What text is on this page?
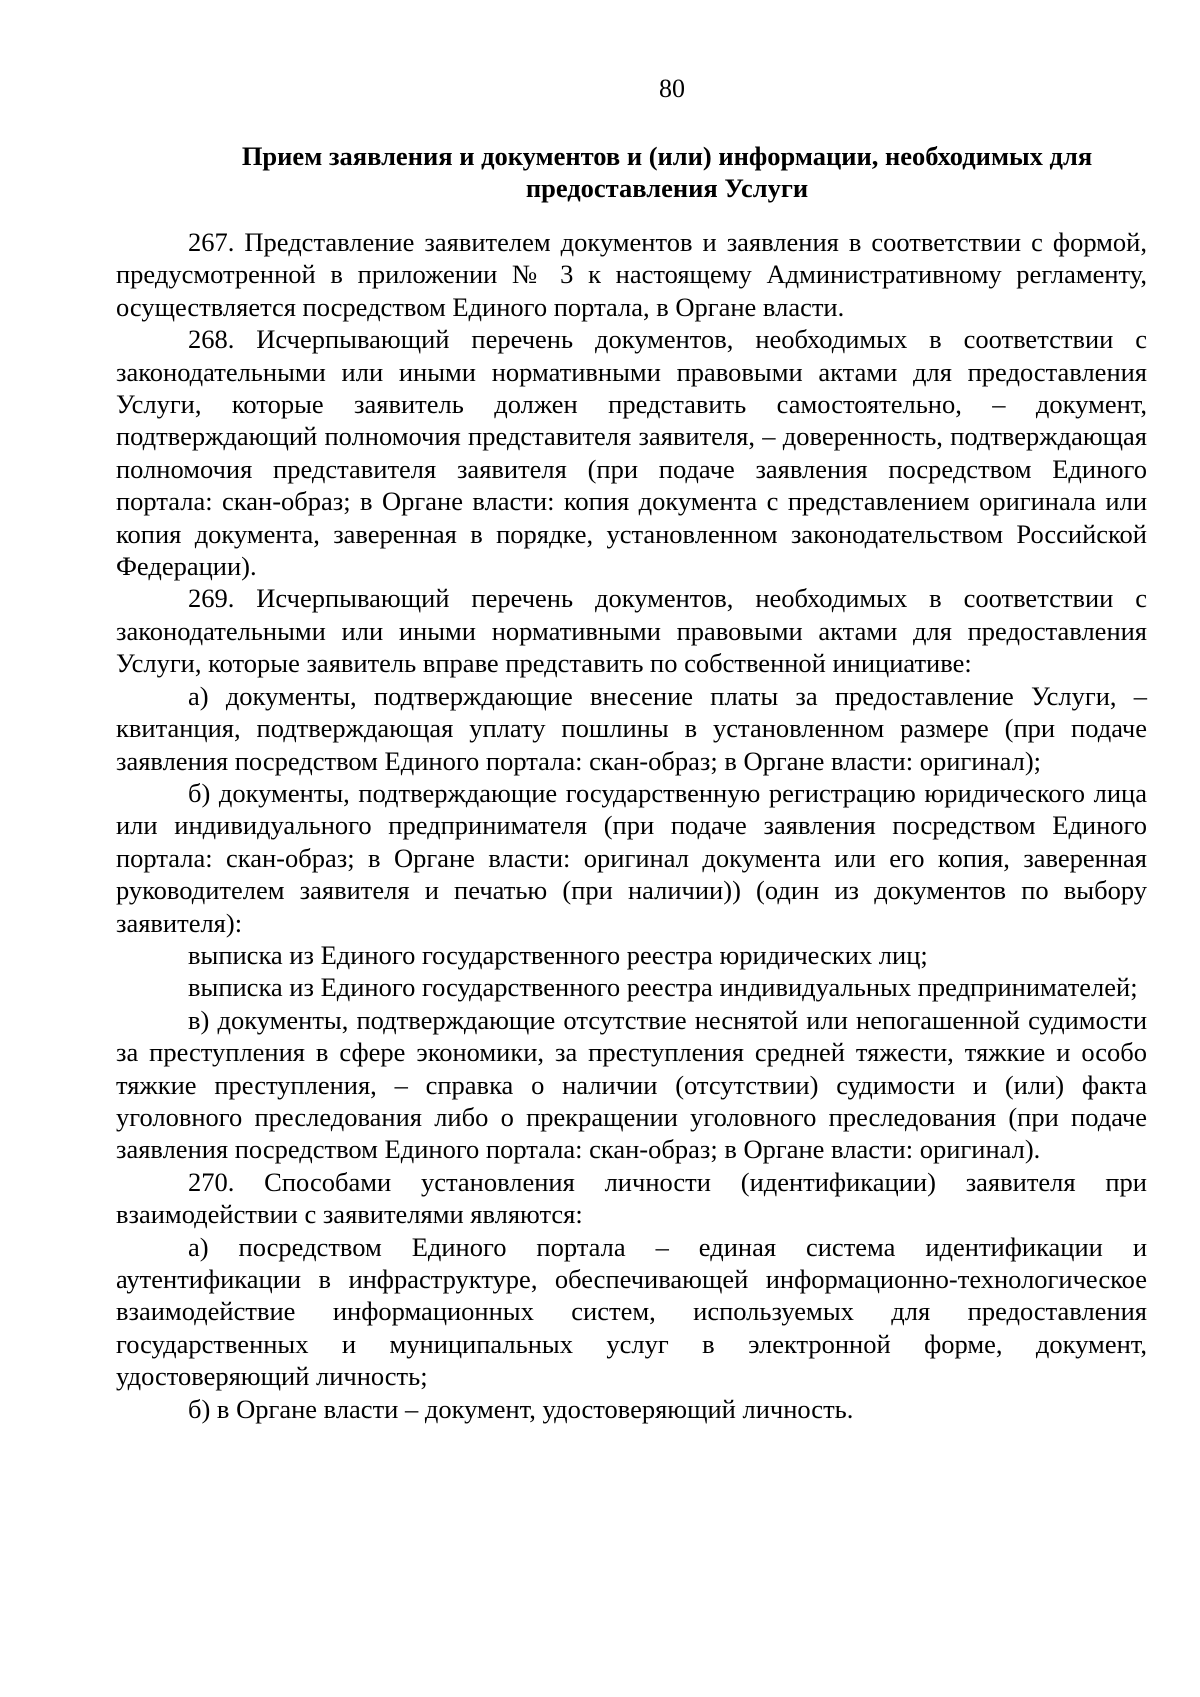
80
Прием заявления и документов и (или) информации, необходимых для предоставления Услуги

267. Представление заявителем документов и заявления в соответствии с формой, предусмотренной в приложении № 3 к настоящему Административному регламенту, осуществляется посредством Единого портала, в Органе власти.

268. Исчерпывающий перечень документов, необходимых в соответствии с законодательными или иными нормативными правовыми актами для предоставления Услуги, которые заявитель должен представить самостоятельно, – документ, подтверждающий полномочия представителя заявителя, – доверенность, подтверждающая полномочия представителя заявителя (при подаче заявления посредством Единого портала: скан-образ; в Органе власти: копия документа с представлением оригинала или копия документа, заверенная в порядке, установленном законодательством Российской Федерации).

269. Исчерпывающий перечень документов, необходимых в соответствии с законодательными или иными нормативными правовыми актами для предоставления Услуги, которые заявитель вправе представить по собственной инициативе:

а) документы, подтверждающие внесение платы за предоставление Услуги, – квитанция, подтверждающая уплату пошлины в установленном размере (при подаче заявления посредством Единого портала: скан-образ; в Органе власти: оригинал);

б) документы, подтверждающие государственную регистрацию юридического лица или индивидуального предпринимателя (при подаче заявления посредством Единого портала: скан-образ; в Органе власти: оригинал документа или его копия, заверенная руководителем заявителя и печатью (при наличии)) (один из документов по выбору заявителя):

выписка из Единого государственного реестра юридических лиц;

выписка из Единого государственного реестра индивидуальных предпринимателей;

в) документы, подтверждающие отсутствие неснятой или непогашенной судимости за преступления в сфере экономики, за преступления средней тяжести, тяжкие и особо тяжкие преступления, – справка о наличии (отсутствии) судимости и (или) факта уголовного преследования либо о прекращении уголовного преследования (при подаче заявления посредством Единого портала: скан-образ; в Органе власти: оригинал).

270. Способами установления личности (идентификации) заявителя при взаимодействии с заявителями являются:

а) посредством Единого портала – единая система идентификации и аутентификации в инфраструктуре, обеспечивающей информационно-технологическое взаимодействие информационных систем, используемых для предоставления государственных и муниципальных услуг в электронной форме, документ, удостоверяющий личность;

б) в Органе власти – документ, удостоверяющий личность.
